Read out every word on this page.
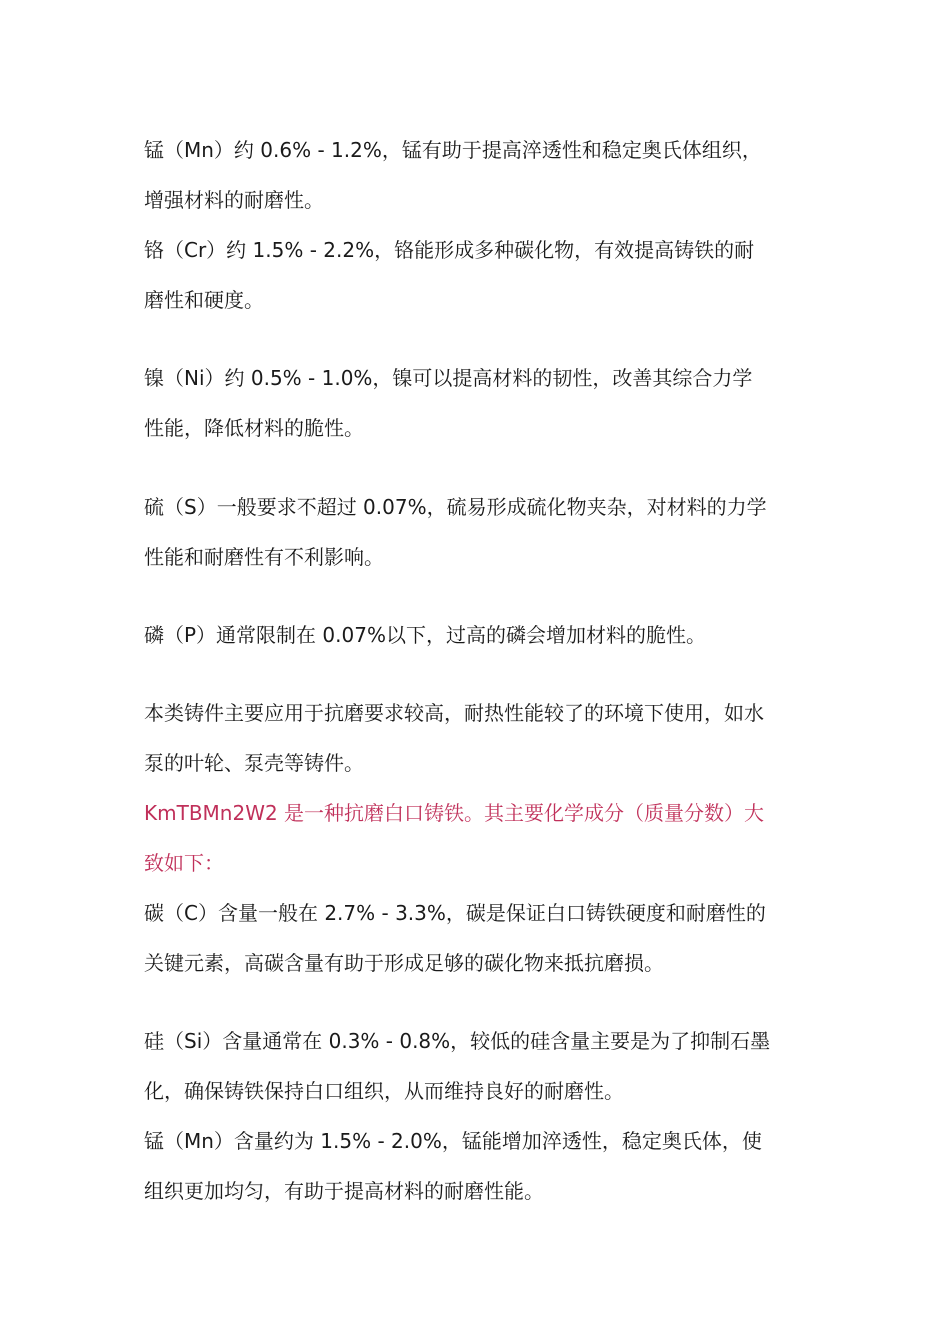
锰（Mn）约 0.6% - 1.2%，锰有助于提高淬透性和稳定奥氏体组织，

增强材料的耐磨性。

铬（Cr）约 1.5% - 2.2%，铬能形成多种碳化物，有效提高铸铁的耐

磨性和硬度。

镍（Ni）约 0.5% - 1.0%，镍可以提高材料的韧性，改善其综合力学

性能，降低材料的脆性。

硫（S）一般要求不超过 0.07%，硫易形成硫化物夹杂，对材料的力学

性能和耐磨性有不利影响。

磷（P）通常限制在 0.07%以下，过高的磷会增加材料的脆性。

本类铸件主要应用于抗磨要求较高，耐热性能较了的环境下使用，如水

泵的叶轮、泵壳等铸件。

KmTBMn2W2 是一种抗磨白口铸铁。其主要化学成分（质量分数）大

致如下：

碳（C）含量一般在 2.7% - 3.3%，碳是保证白口铸铁硬度和耐磨性的

关键元素，高碳含量有助于形成足够的碳化物来抵抗磨损。

硅（Si）含量通常在 0.3% - 0.8%，较低的硅含量主要是为了抑制石墨

化，确保铸铁保持白口组织，从而维持良好的耐磨性。

锰（Mn）含量约为 1.5% - 2.0%，锰能增加淬透性，稳定奥氏体，使

组织更加均匀，有助于提高材料的耐磨性能。
